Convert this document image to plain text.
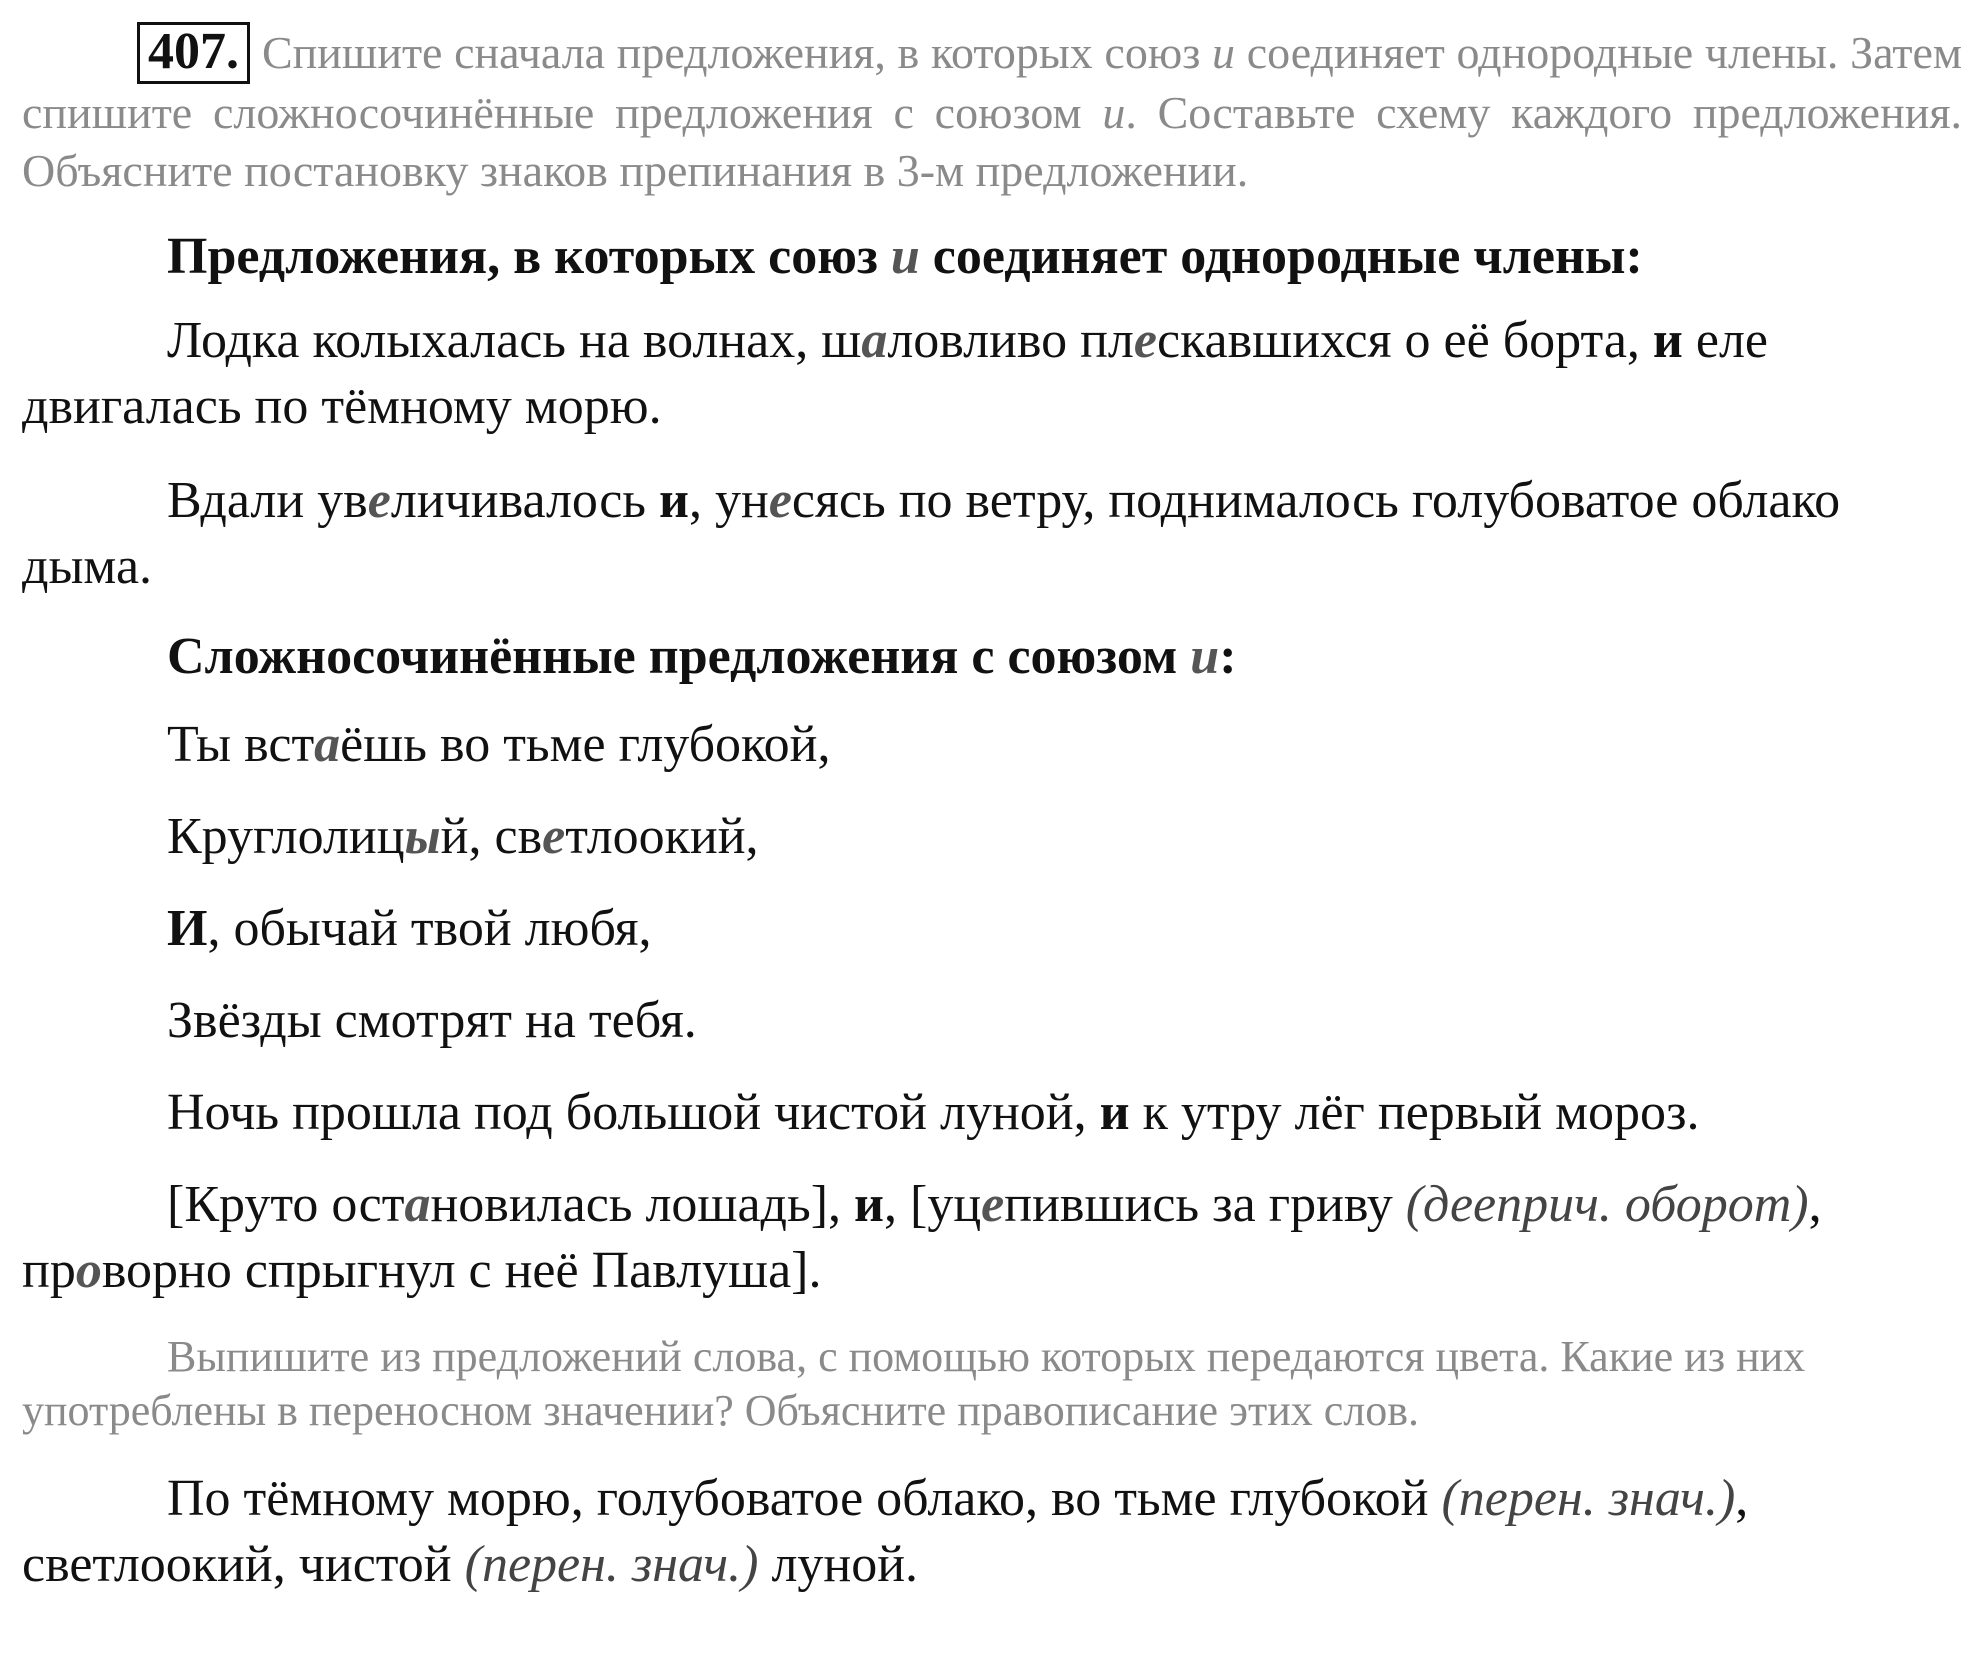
407. Спишите сначала предложения, в которых союз и соединяет однородные члены. Затем спишите сложносочинённые предложения с союзом и. Составьте схему каждого предложения. Объясните постановку знаков препинания в 3-м предложении.

Предложения, в которых союз и соединяет однородные члены:

Лодка колыхалась на волнах, шаловливо плескавшихся о её борта, и еле двигалась по тёмному морю.

Вдали увеличивалось и, унесясь по ветру, поднималось голубоватое облако дыма.

Сложносочинённые предложения с союзом и:

Ты встаёшь во тьме глубокой,

Круглолицый, светлоокий,

И, обычай твой любя,

Звёзды смотрят на тебя.

Ночь прошла под большой чистой луной, и к утру лёг первый мороз.

[Круто остановилась лошадь], и, [уцепившись за гриву (дееприч. оборот), проворно спрыгнул с неё Павлуша].

Выпишите из предложений слова, с помощью которых передаются цвета. Какие из них употреблены в переносном значении? Объясните правописание этих слов.

По тёмному морю, голубоватое облако, во тьме глубокой (перен. знач.), светлоокий, чистой (перен. знач.) луной.
